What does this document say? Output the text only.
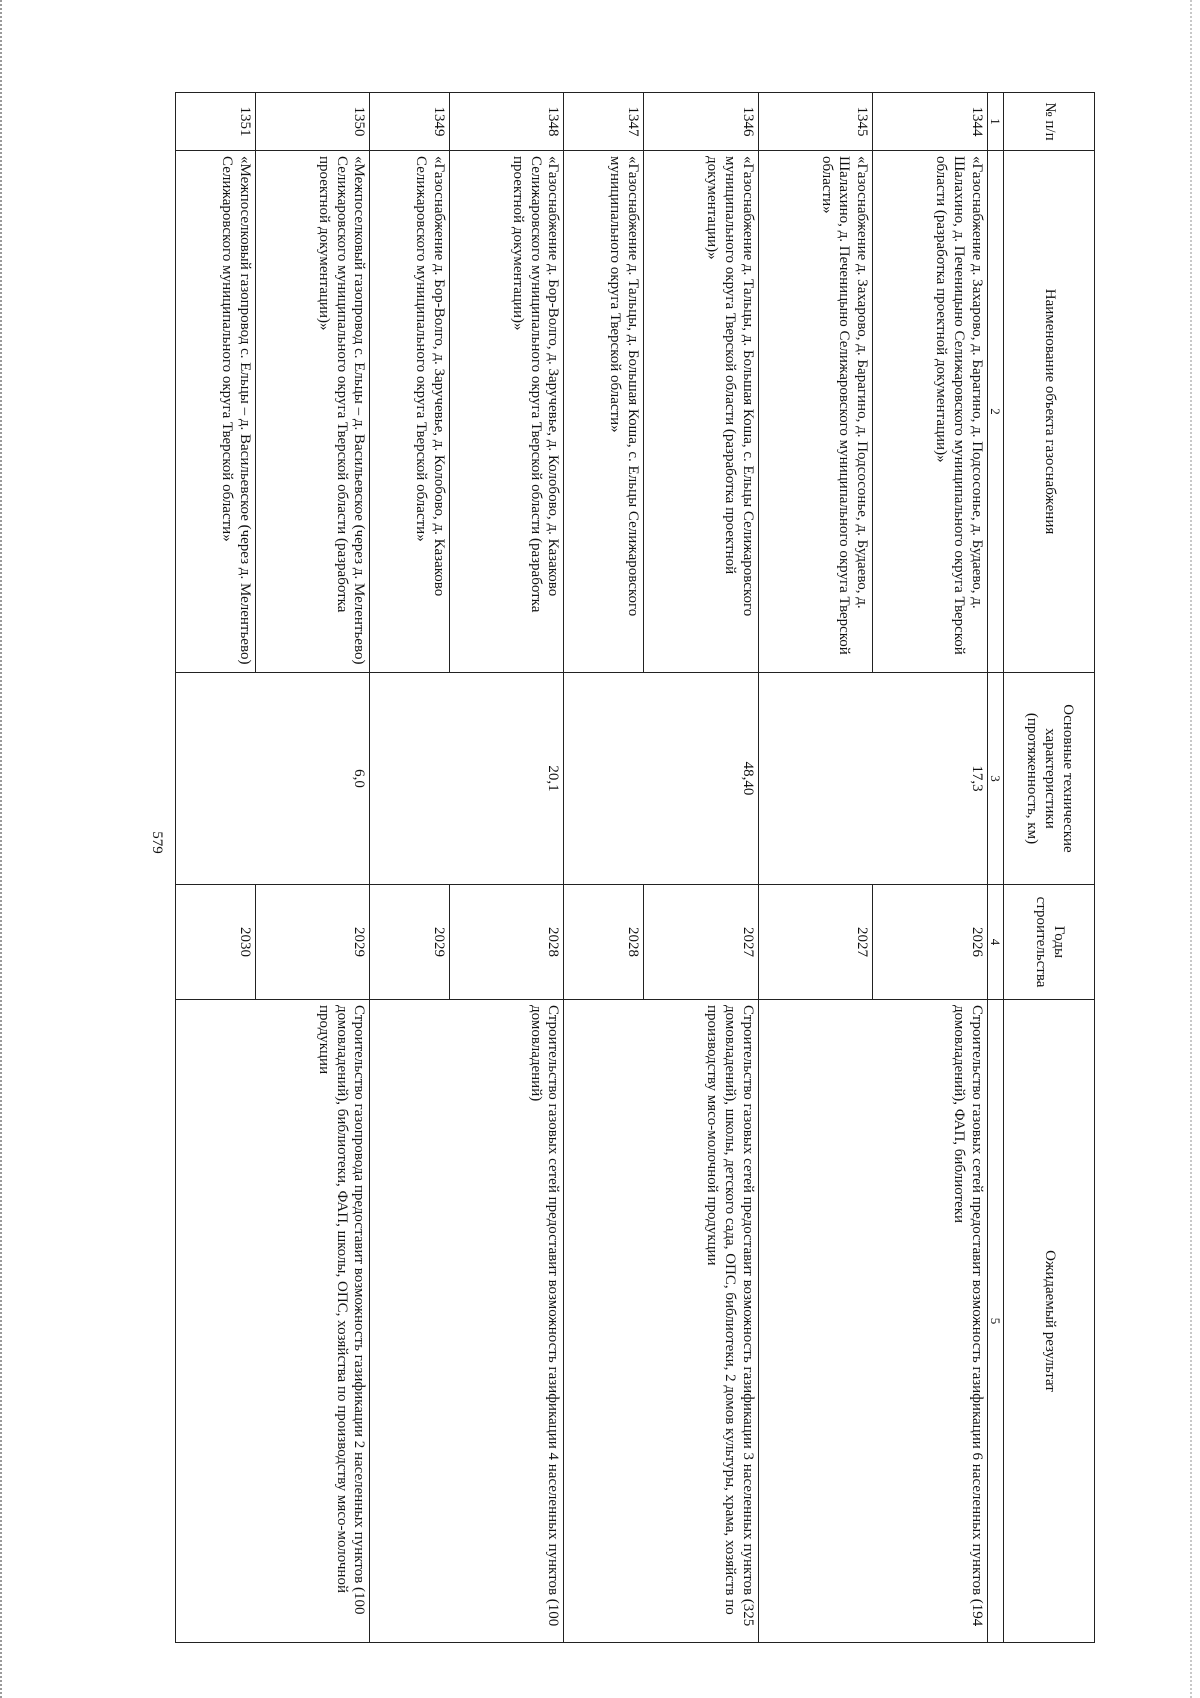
579
№ п/п	Наименование объекта газоснабжения	Основные технические характеристики (протяженность, км)	Годы строительства	Ожидаемый результат
1	2	3	4	5
1344	«Газоснабжение д. Захарово, д. Барагино, д. Подсосонье, д. Будаево, д. Шалахино, д. Печеницыно Селижаровского муниципального округа Тверской области (разработка проектной документации)»	17,3	2026	Строительство газовых сетей предоставит возможность газификации 6 населенных пунктов (194 домовладений), ФАП, библиотеки
1345	«Газоснабжение д. Захарово, д. Барагино, д. Подсосонье, д. Будаево, д. Шалахино, д. Печеницыно Селижаровского муниципального округа Тверской области»		2027	
1346	«Газоснабжение д. Тальцы, д. Большая Коша, с. Ельцы Селижаровского муниципального округа Тверской области (разработка проектной документации)»	48,40	2027	Строительство газовых сетей предоставит возможность газификации 3 населенных пунктов (325 домовладений), школы, детского сада, ОПС, библиотеки, 2 домов культуры, храма, хозяйств по производству мясо-молочной продукции
1347	«Газоснабжение д. Тальцы, д. Большая Коша, с. Ельцы Селижаровского муниципального округа Тверской области»		2028	
1348	«Газоснабжение д. Бор-Волго, д. Заручевье, д. Колобово, д. Казаково Селижаровского муниципального округа Тверской области (разработка проектной документации)»	20,1	2028	Строительство газовых сетей предоставит возможность газификации 4 населенных пунктов (100 домовладений)
1349	«Газоснабжение д. Бор-Волго, д. Заручевье, д. Колобово, д. Казаково Селижаровского муниципального округа Тверской области»		2029	
1350	«Межпоселковый газопровод с. Ельцы – д. Васильевское (через д. Мелентьево) Селижаровского муниципального округа Тверской области (разработка проектной документации)»	6,0	2029	Строительство газопровода предоставит возможность газификации 2 населенных пунктов (100 домовладений), библиотеки, ФАП, школы, ОПС, хозяйства по производству мясо-молочной продукции
1351	«Межпоселковый газопровод с. Ельцы – д. Васильевское (через д. Мелентьево) Селижаровского муниципального округа Тверской области»		2030	
